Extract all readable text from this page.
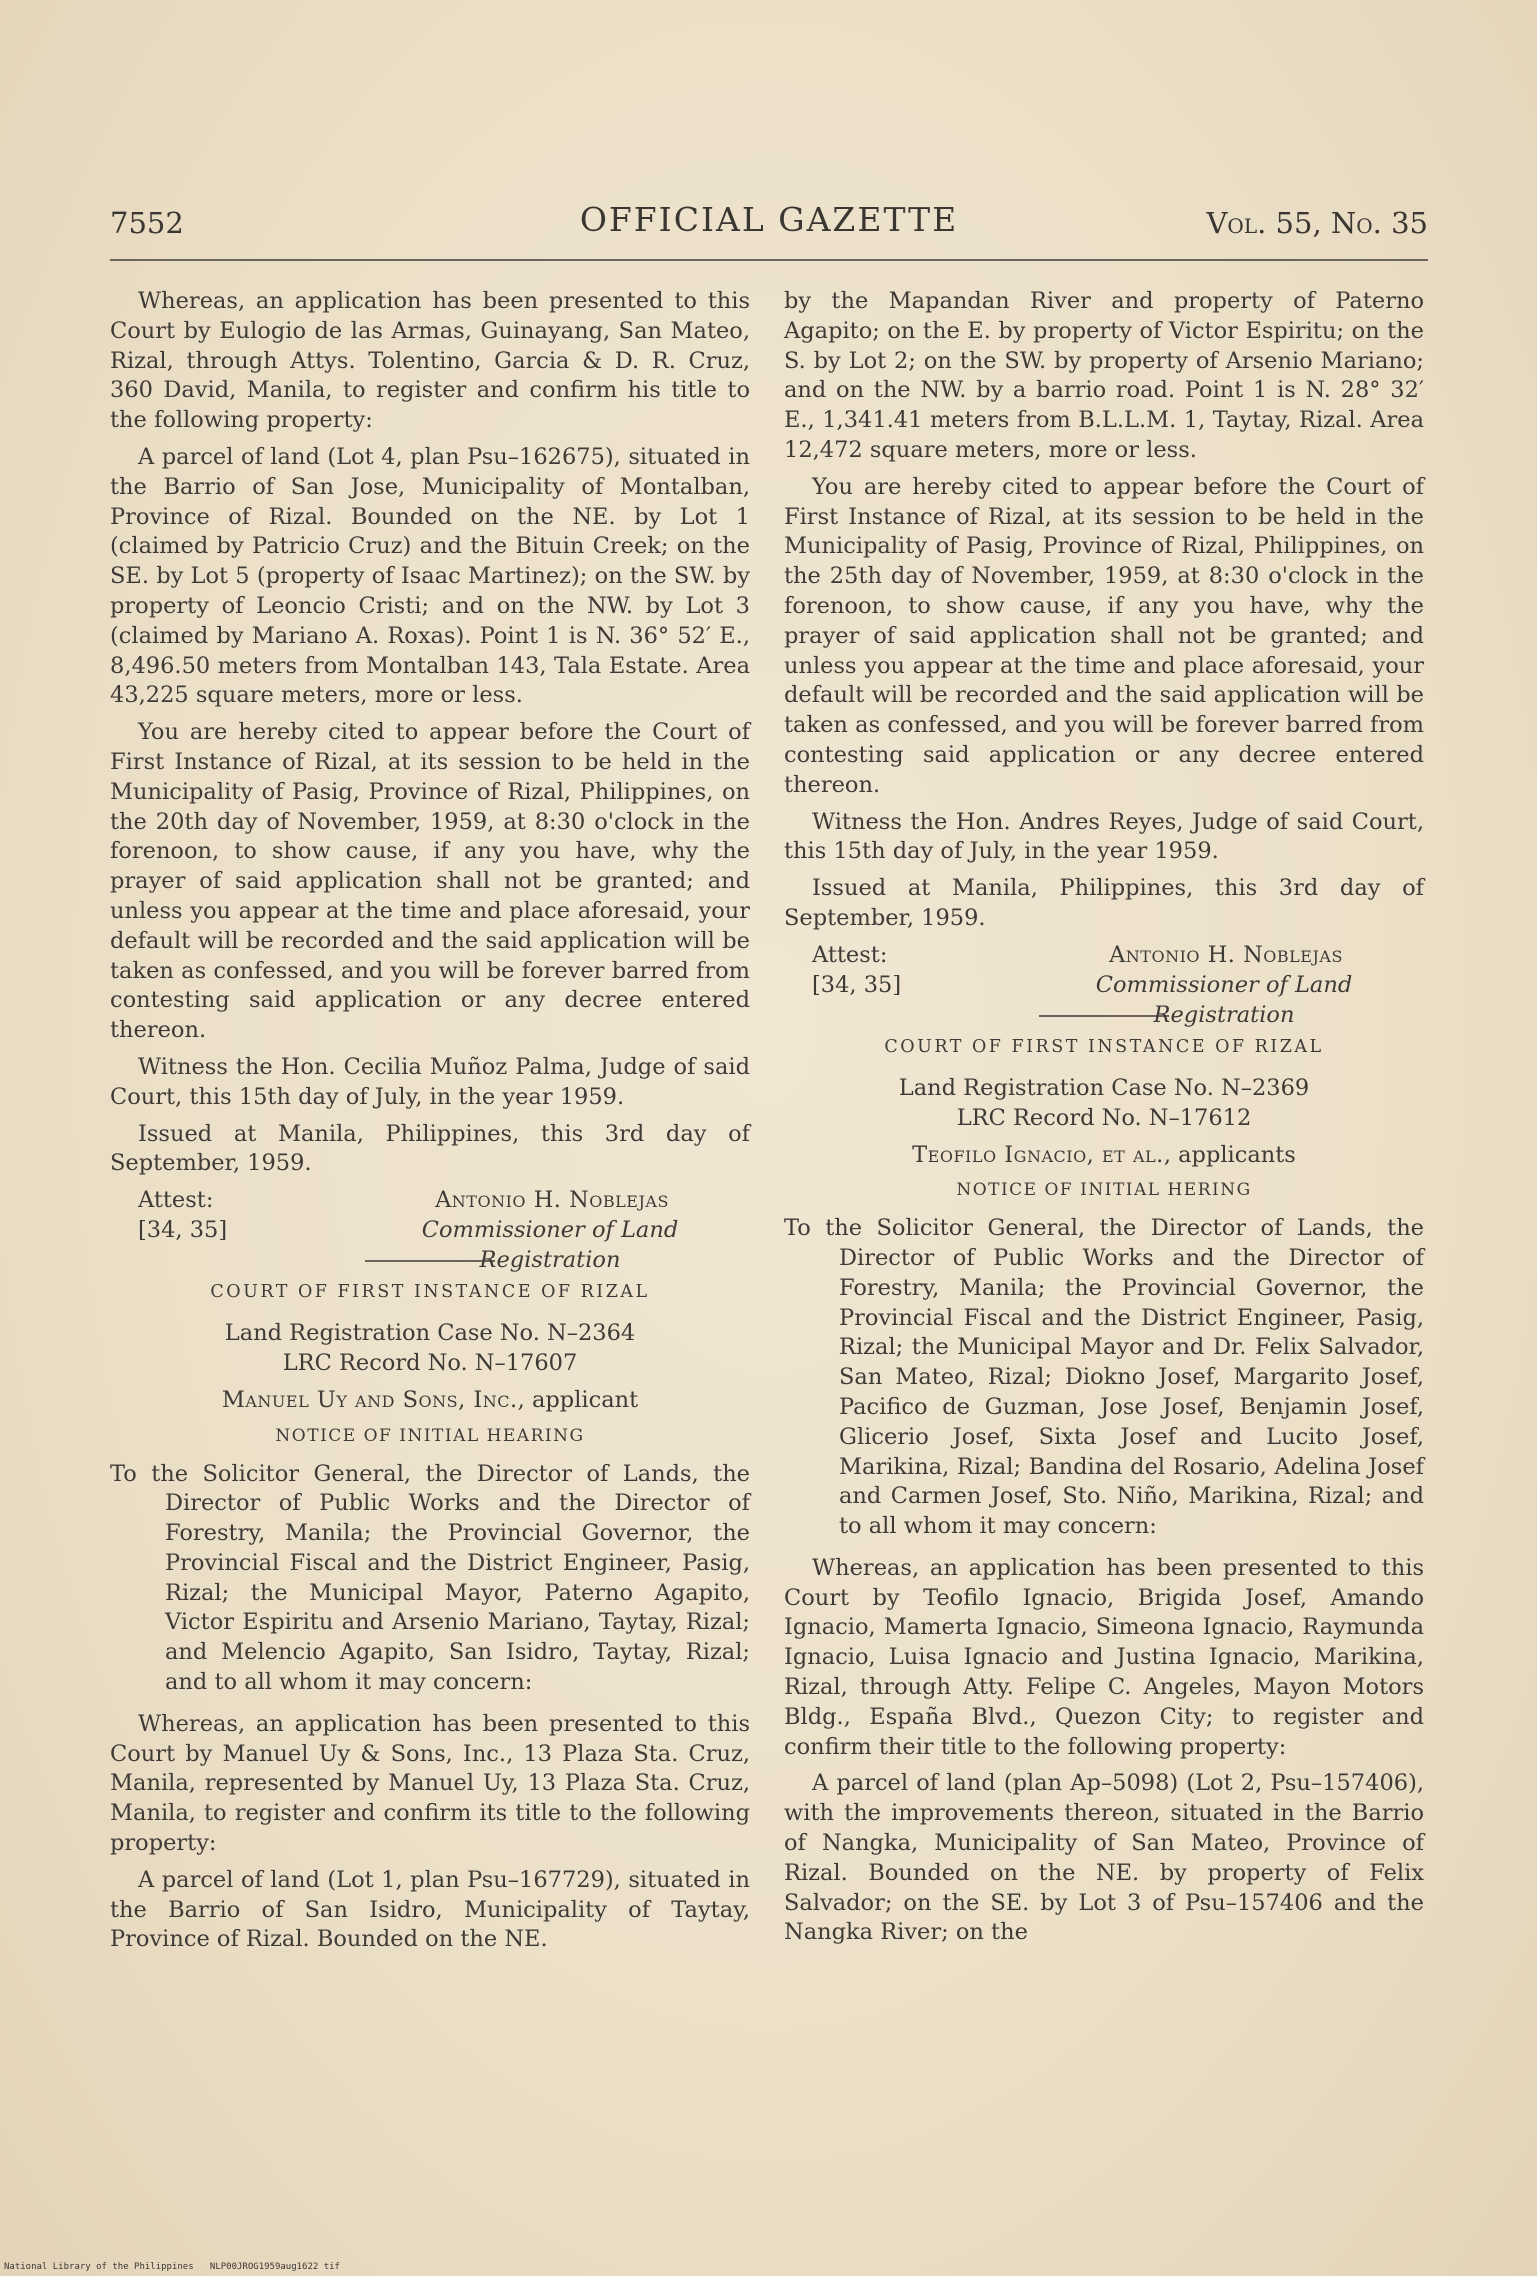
7552	OFFICIAL GAZETTE	Vol. 55, No. 35

Whereas, an application has been presented to this Court by Eulogio de las Armas, Guinayang, San Mateo, Rizal, through Attys. Tolentino, Garcia & D. R. Cruz, 360 David, Manila, to register and confirm his title to the following property:

A parcel of land (Lot 4, plan Psu–162675), situated in the Barrio of San Jose, Municipality of Montalban, Province of Rizal. Bounded on the NE. by Lot 1 (claimed by Patricio Cruz) and the Bituin Creek; on the SE. by Lot 5 (property of Isaac Martinez); on the SW. by property of Leoncio Cristi; and on the NW. by Lot 3 (claimed by Mariano A. Roxas). Point 1 is N. 36° 52′ E., 8,496.50 meters from Montalban 143, Tala Estate. Area 43,225 square meters, more or less.

You are hereby cited to appear before the Court of First Instance of Rizal, at its session to be held in the Municipality of Pasig, Province of Rizal, Philippines, on the 20th day of November, 1959, at 8:30 o'clock in the forenoon, to show cause, if any you have, why the prayer of said application shall not be granted; and unless you appear at the time and place aforesaid, your default will be recorded and the said application will be taken as confessed, and you will be forever barred from contesting said application or any decree entered thereon.

Witness the Hon. Cecilia Muñoz Palma, Judge of said Court, this 15th day of July, in the year 1959.

Issued at Manila, Philippines, this 3rd day of September, 1959.

Attest:
[34, 35]
Antonio H. Noblejas
Commissioner of Land Registration
COURT OF FIRST INSTANCE OF RIZAL
Land Registration Case No. N–2364
LRC Record No. N–17607
Manuel Uy and Sons, Inc., applicant
NOTICE OF INITIAL HEARING
To the Solicitor General, the Director of Lands, the Director of Public Works and the Director of Forestry, Manila; the Provincial Governor, the Provincial Fiscal and the District Engineer, Pasig, Rizal; the Municipal Mayor, Paterno Agapito, Victor Espiritu and Arsenio Mariano, Taytay, Rizal; and Melencio Agapito, San Isidro, Taytay, Rizal; and to all whom it may concern:

Whereas, an application has been presented to this Court by Manuel Uy & Sons, Inc., 13 Plaza Sta. Cruz, Manila, represented by Manuel Uy, 13 Plaza Sta. Cruz, Manila, to register and confirm its title to the following property:

A parcel of land (Lot 1, plan Psu–167729), situated in the Barrio of San Isidro, Municipality of Taytay, Province of Rizal. Bounded on the NE.

by the Mapandan River and property of Paterno Agapito; on the E. by property of Victor Espiritu; on the S. by Lot 2; on the SW. by property of Arsenio Mariano; and on the NW. by a barrio road. Point 1 is N. 28° 32′ E., 1,341.41 meters from B.L.L.M. 1, Taytay, Rizal. Area 12,472 square meters, more or less.

You are hereby cited to appear before the Court of First Instance of Rizal, at its session to be held in the Municipality of Pasig, Province of Rizal, Philippines, on the 25th day of November, 1959, at 8:30 o'clock in the forenoon, to show cause, if any you have, why the prayer of said application shall not be granted; and unless you appear at the time and place aforesaid, your default will be recorded and the said application will be taken as confessed, and you will be forever barred from contesting said application or any decree entered thereon.

Witness the Hon. Andres Reyes, Judge of said Court, this 15th day of July, in the year 1959.

Issued at Manila, Philippines, this 3rd day of September, 1959.

Attest:
[34, 35]
Antonio H. Noblejas
Commissioner of Land Registration
COURT OF FIRST INSTANCE OF RIZAL
Land Registration Case No. N–2369
LRC Record No. N–17612
Teofilo Ignacio, et al., applicants
NOTICE OF INITIAL HERING
To the Solicitor General, the Director of Lands, the Director of Public Works and the Director of Forestry, Manila; the Provincial Governor, the Provincial Fiscal and the District Engineer, Pasig, Rizal; the Municipal Mayor and Dr. Felix Salvador, San Mateo, Rizal; Diokno Josef, Margarito Josef, Pacifico de Guzman, Jose Josef, Benjamin Josef, Glicerio Josef, Sixta Josef and Lucito Josef, Marikina, Rizal; Bandina del Rosario, Adelina Josef and Carmen Josef, Sto. Niño, Marikina, Rizal; and to all whom it may concern:

Whereas, an application has been presented to this Court by Teofilo Ignacio, Brigida Josef, Amando Ignacio, Mamerta Ignacio, Simeona Ignacio, Raymunda Ignacio, Luisa Ignacio and Justina Ignacio, Marikina, Rizal, through Atty. Felipe C. Angeles, Mayon Motors Bldg., España Blvd., Quezon City; to register and confirm their title to the following property:

A parcel of land (plan Ap–5098) (Lot 2, Psu–157406), with the improvements thereon, situated in the Barrio of Nangka, Municipality of San Mateo, Province of Rizal. Bounded on the NE. by property of Felix Salvador; on the SE. by Lot 3 of Psu–157406 and the Nangka River; on the

National Library of the Philippines NLP00JROG1959aug1622 tif
